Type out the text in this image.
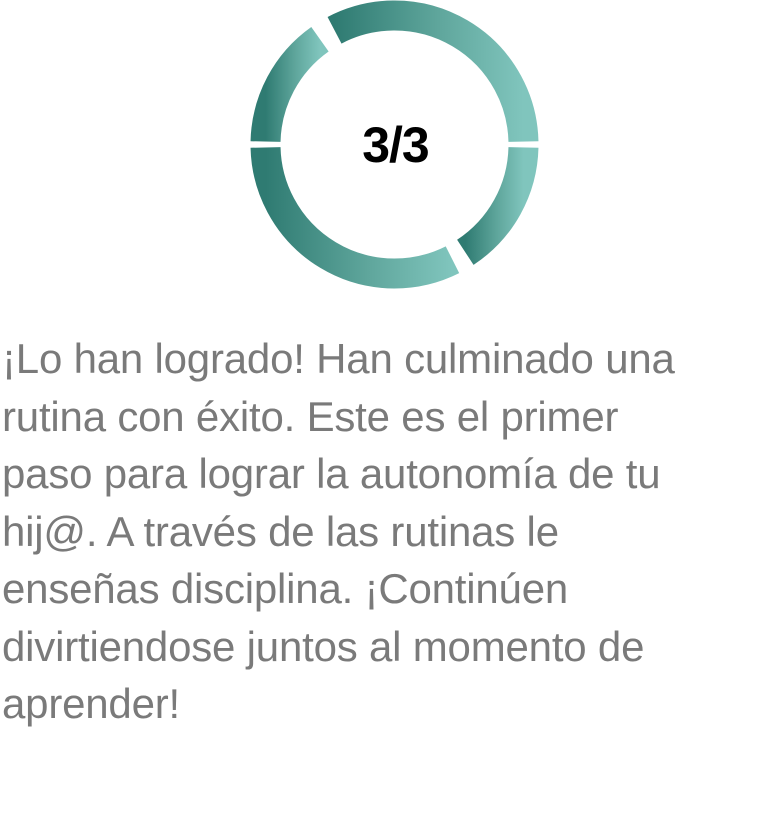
3/3

¡Lo han logrado! Han culminado una
rutina con éxito. Este es el primer
paso para lograr la autonomía de tu
hij@. A través de las rutinas le
enseñas disciplina. ¡Continúen
divirtiendose juntos al momento de
aprender!
